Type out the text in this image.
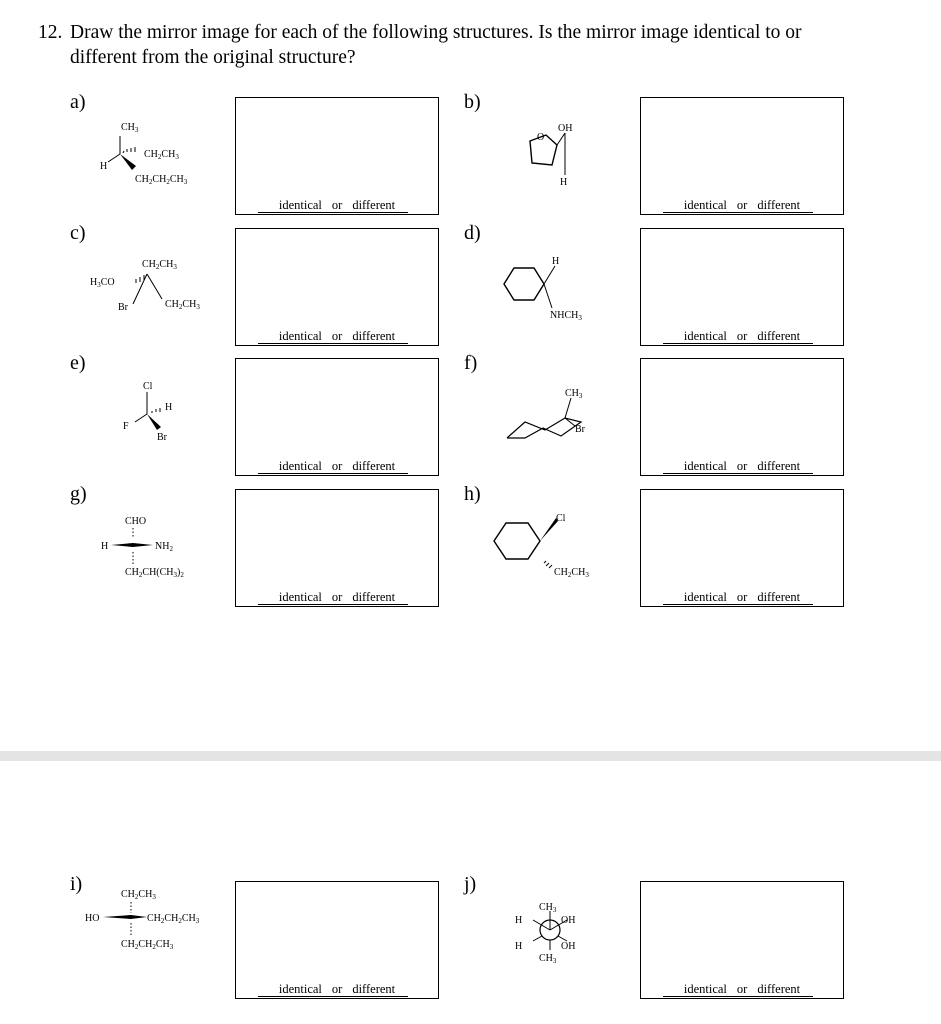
12. Draw the mirror image for each of the following structures. Is the mirror image identical to or
different from the original structure?
a)	b)
c)	d)
e)	f)
g)	h)
i)	j)
identical or different	identical or different
identical or different	identical or different
identical or different	identical or different
identical or different	identical or different
identical or different	identical or different
$CH_3$
H
$CH_2CH_3$
$CH_2CH_2CH_3$
O
OH
H
$CH_2CH_3$
$H_3CO$
Br	$CH_2CH_3$
H
$NHCH_3$
Cl
H
F
Br
$CH_3$
Br
CHO
H	$NH_2$
$CH_2CH(CH_3)_2$
Cl
$CH_2CH_3$
$CH_2CH_3$
HO	$CH_2CH_2CH_3$
$CH_2CH_2CH_3$
$CH_3$
H	OH
H	OH
$CH_3$
